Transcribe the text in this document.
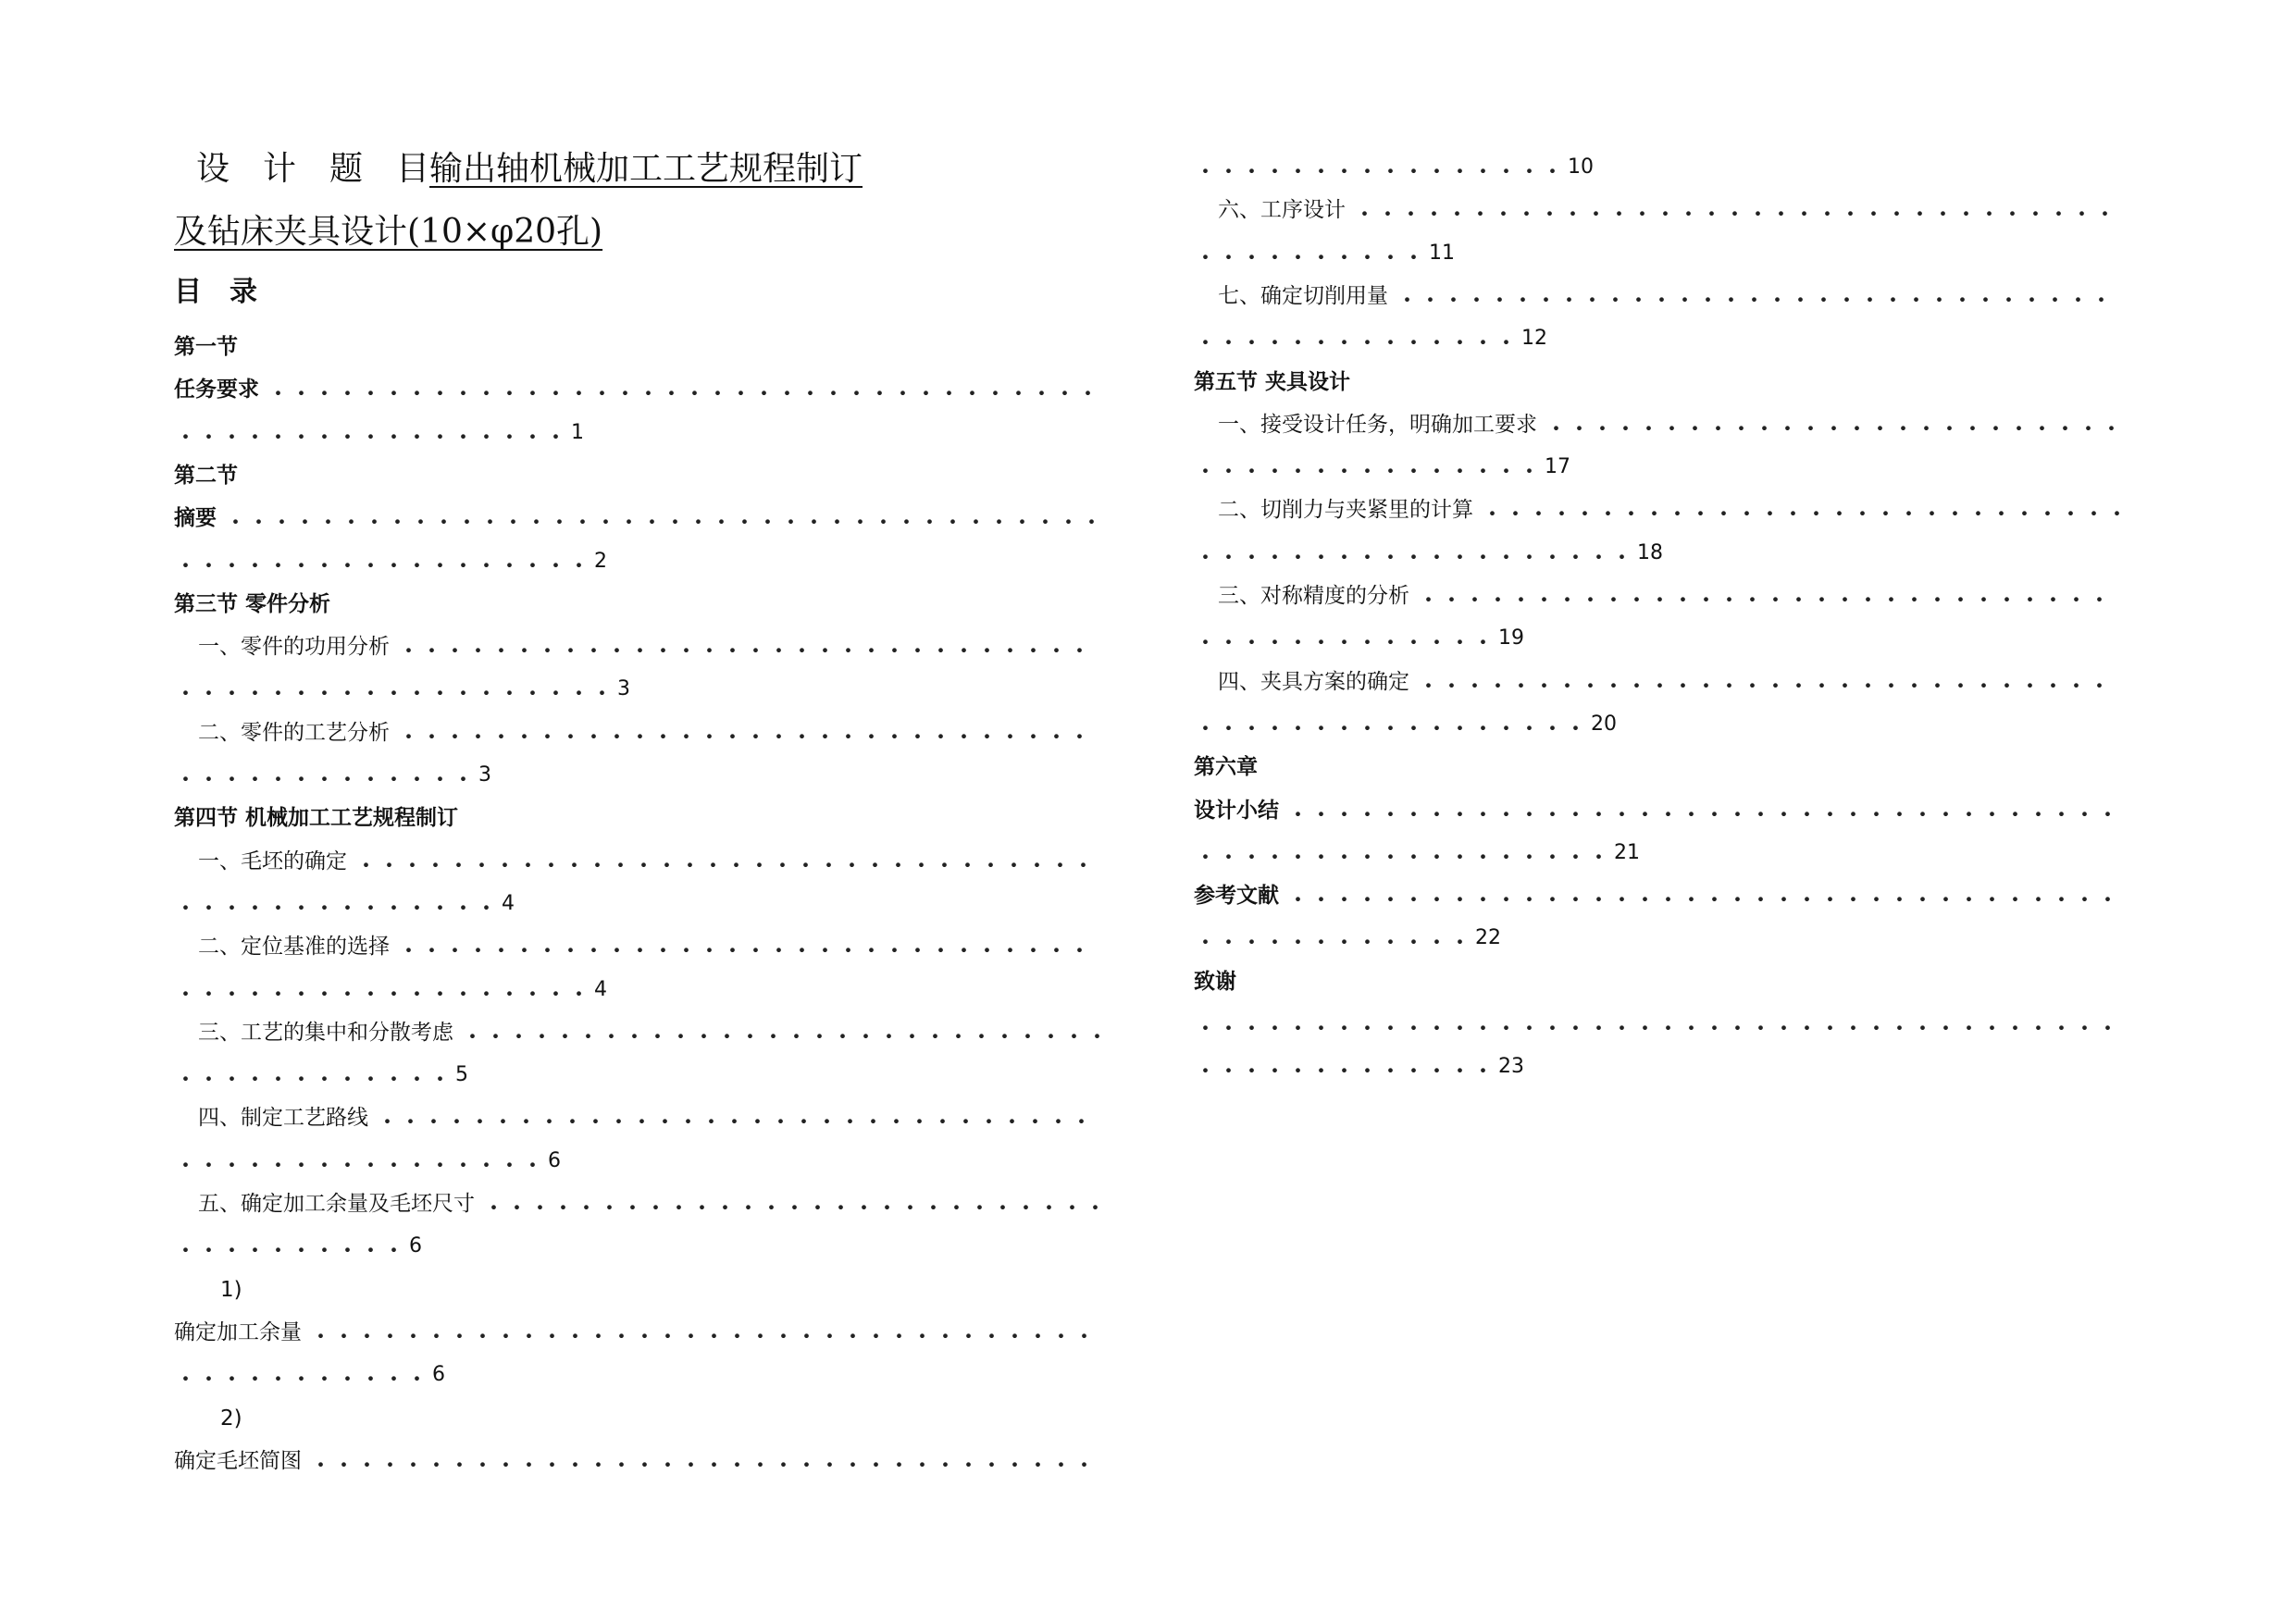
设　计　题　目输出轴机械加工工艺规程制订
及钻床夹具设计(10×φ20孔)
目　录
第一节
任务要求
1
第二节
摘要
2
第三节 零件分析
一、零件的功用分析
3
二、零件的工艺分析
3
第四节 机械加工工艺规程制订
一、毛坯的确定
4
二、定位基准的选择
4
三、工艺的集中和分散考虑
5
四、制定工艺路线
6
五、确定加工余量及毛坯尺寸
6
1)
确定加工余量
6
2)
确定毛坯简图
10
六、工序设计
11
七、确定切削用量
12
第五节 夹具设计
一、接受设计任务，明确加工要求
17
二、切削力与夹紧里的计算
18
三、对称精度的分析
19
四、夹具方案的确定
20
第六章
设计小结
21
参考文献
22
致谢
23
